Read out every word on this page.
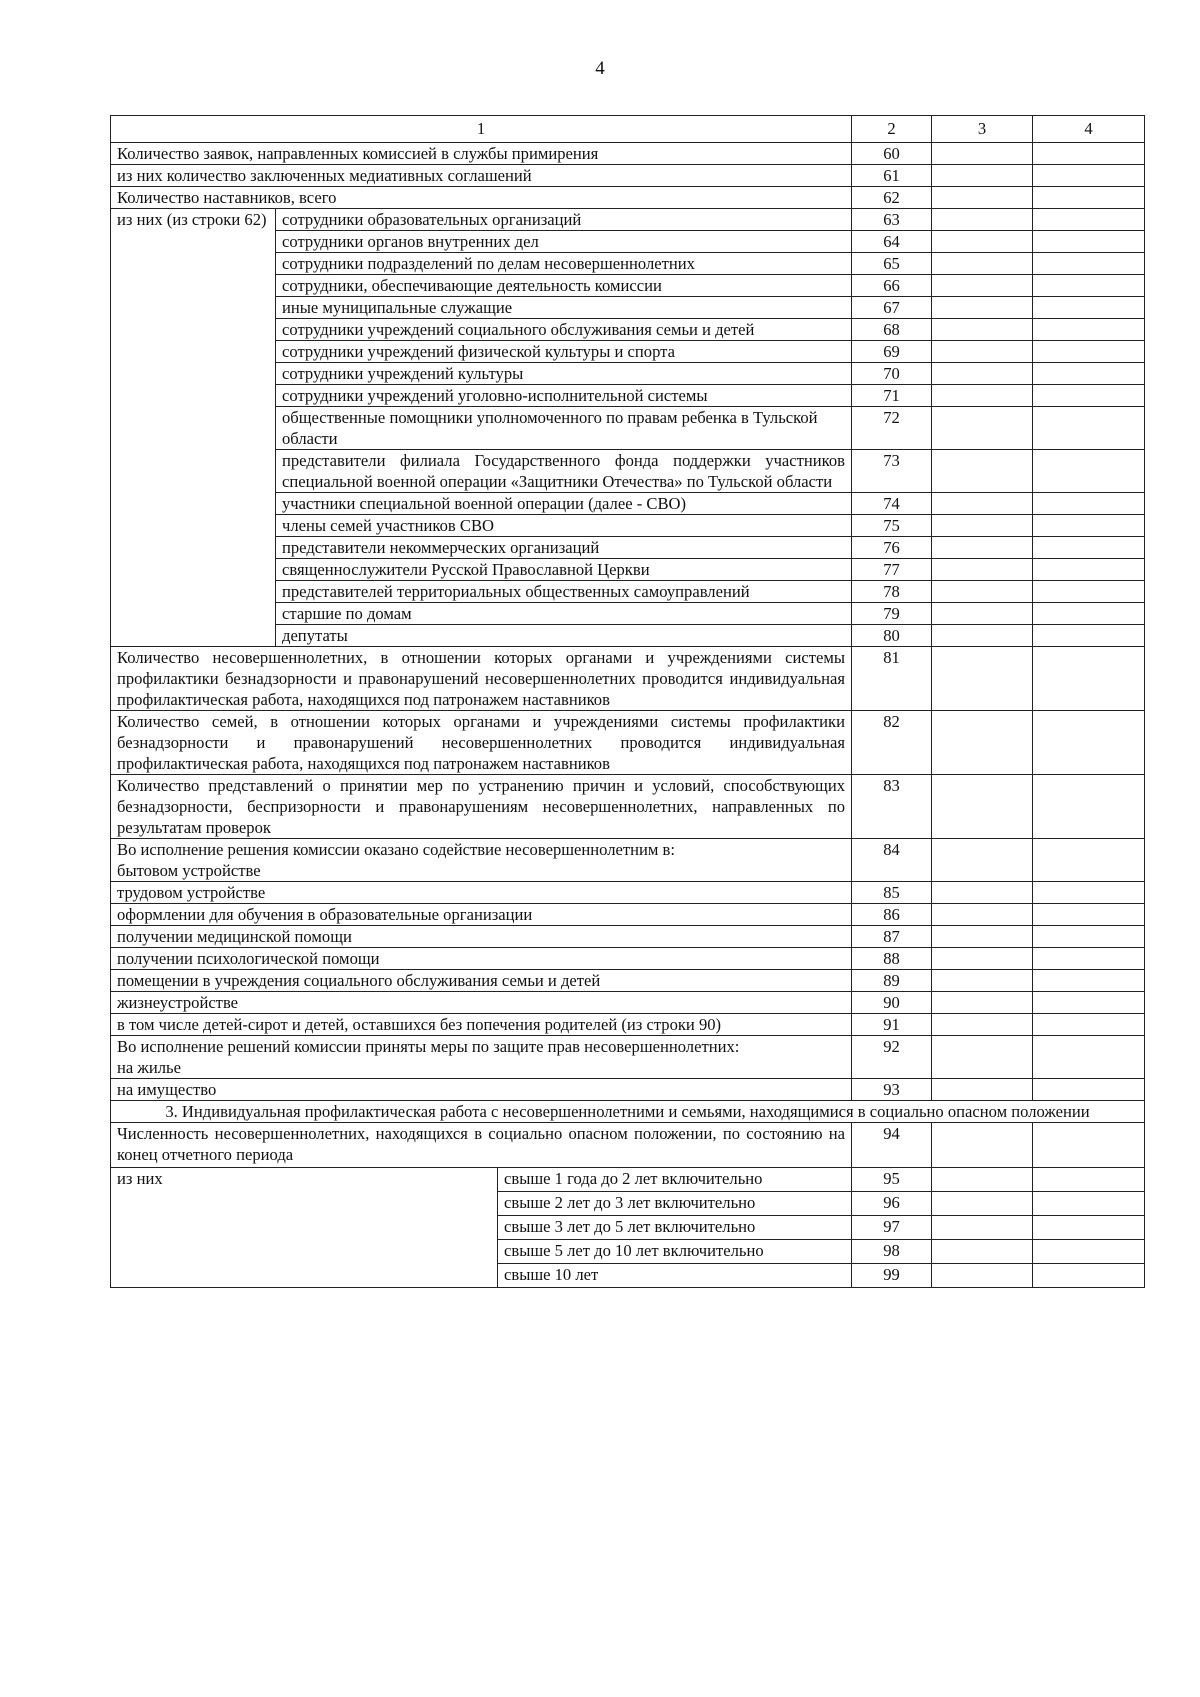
4
1			2	3	4
Количество заявок, направленных комиссией в службы примирения			60		
из них количество заключенных медиативных соглашений			61		
Количество наставников, всего			62		
из них (из строки 62)	сотрудники образовательных организаций		63		
	сотрудники органов внутренних дел		64		
	сотрудники подразделений по делам несовершеннолетних		65		
	сотрудники, обеспечивающие деятельность комиссии		66		
	иные муниципальные служащие		67		
	сотрудники учреждений социального обслуживания семьи и детей		68		
	сотрудники учреждений физической культуры и спорта		69		
	сотрудники учреждений культуры		70		
	сотрудники учреждений уголовно-исполнительной системы		71		
	общественные помощники уполномоченного по правам ребенка в Тульской области		72		
	представители филиала Государственного фонда поддержки участников специальной военной операции «Защитники Отечества» по Тульской области		73		
	участники специальной военной операции (далее - СВО)		74		
	члены семей участников СВО		75		
	представители некоммерческих организаций		76		
	священнослужители Русской Православной Церкви		77		
	представителей территориальных общественных самоуправлений		78		
	старшие по домам		79		
	депутаты		80		
Количество несовершеннолетних, в отношении которых органами и учреждениями системы профилактики безнадзорности и правонарушений несовершеннолетних проводится индивидуальная профилактическая работа, находящихся под патронажем наставников			81		
Количество семей, в отношении которых органами и учреждениями системы профилактики безнадзорности и правонарушений несовершеннолетних проводится индивидуальная профилактическая работа, находящихся под патронажем наставников			82		
Количество представлений о принятии мер по устранению причин и условий, способствующих безнадзорности, беспризорности и правонарушениям несовершеннолетних, направленных по результатам проверок			83		

Во исполнение решения комиссии оказано содействие несовершеннолетним в:
бытовом устройстве			84		
трудовом устройстве			85		
оформлении для обучения в образовательные организации			86		
получении медицинской помощи			87		
получении психологической помощи			88		
помещении в учреждения социального обслуживания семьи и детей			89		
жизнеустройстве			90		
в том числе детей-сирот и детей, оставшихся без попечения родителей (из строки 90)			91		

Во исполнение решений комиссии приняты меры по защите прав несовершеннолетних:
на жилье			92		
на имущество			93		
3. Индивидуальная профилактическая работа с несовершеннолетними и семьями, находящимися в социально опасном положении					
Численность несовершеннолетних, находящихся в социально опасном положении, по состоянию на конец отчетного периода			94		
из них		свыше 1 года до 2 лет включительно	95		
		свыше 2 лет до 3 лет включительно	96		
		свыше 3 лет до 5 лет включительно	97		
		свыше 5 лет до 10 лет включительно	98		
		свыше 10 лет	99		
